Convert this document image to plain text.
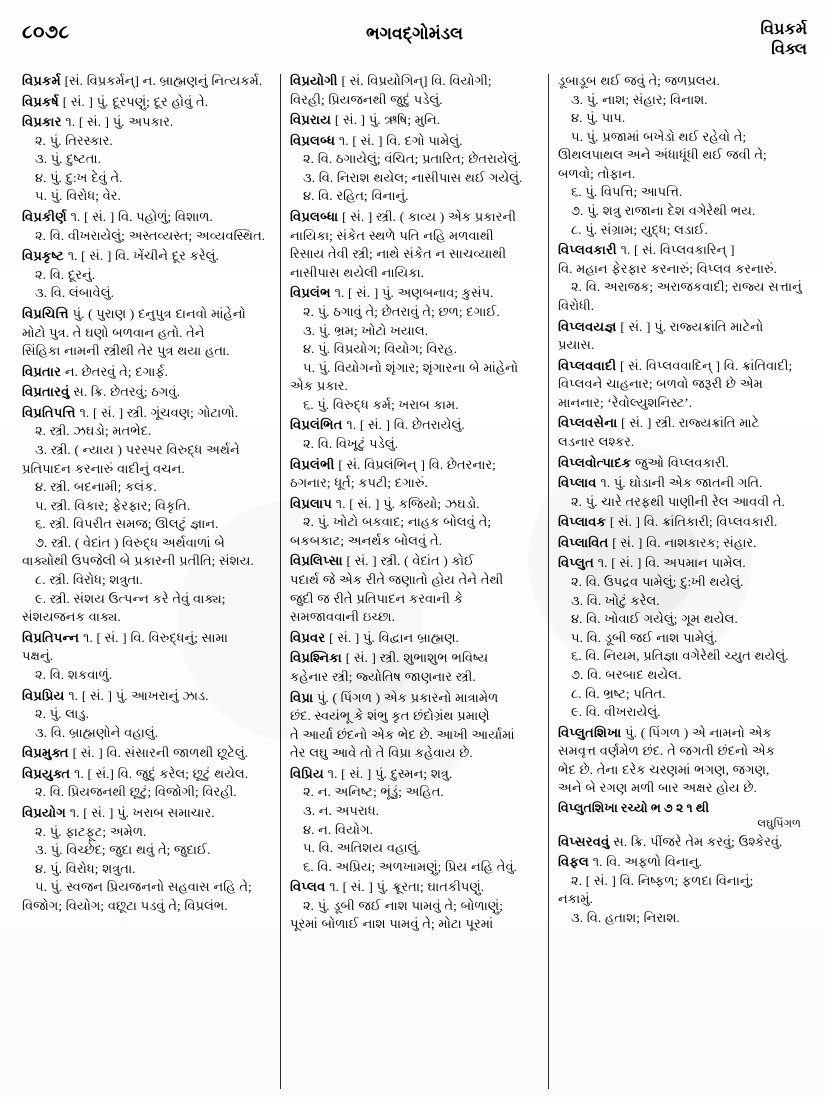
૮૦૭૮	ભગવદ્ગોમંડલ	વિપ્રકર્મ
વિક્લ

વિપ્રકર્મ [સં. વિપ્રકર્મન્] ન. બ્રાહ્મણનું નિત્યકર્મ.

વિપ્રકર્ષ [ સં. ] પું. દૂરપણું; દૂર હોવું તે.

વિપ્રકાર ૧. [ સં. ] પું. અપકાર.

૨. પું. તિરસ્કાર.

૩. પું. દુષ્ટતા.

૪. પું. દુ:ખ દેવું તે.

૫. પું. વિરોધ; વેર.

વિપ્રકીર્ણ ૧. [ સં. ] વિ. પહોળું; વિશાળ.

૨. વિ. વીખરાયેલું; અસ્તવ્યસ્ત; અવ્યવસ્થિત.

વિપ્રકૃષ્ટ ૧. [ સં. ] વિ. ખેંચીને દૂર કરેલું.

૨. વિ. દૂરનું.

૩. વિ. લંબાવેલું.

વિપ્રચિત્તિ પું. ( પુરાણ ) દનુપુત્ર દાનવો માંહેનો

મોટો પુત્ર. તે ઘણો બળવાન હતો. તેને

સિંહિકા નામની સ્ત્રીથી તેર પુત્ર થયા હતા.

વિપ્રતાર ન. છેતરવું તે; દગાર્ફ.

વિપ્રતારવું સ. ક્રિ. છેતરવું; ઠગવું.

વિપ્રતિપત્તિ ૧. [ સં. ] સ્ત્રી. ગૂંચવણ; ગોટાળો.

૨. સ્ત્રી. ઝઘડો; મતભેદ.

૩. સ્ત્રી. ( ન્યાય ) પરસ્પર વિરુદ્ધ અર્થને

પ્રતિપાદન કરનારું વાદીનું વચન.

૪. સ્ત્રી. બદનામી; કલંક.

૫. સ્ત્રી. વિકાર; ફેરફાર; વિકૃતિ.

૬. સ્ત્રી. વિપરીત સમજ; ઊલટું જ્ઞાન.

૭. સ્ત્રી. ( વેદાંત ) વિરુદ્ધ અર્થવાળાં બે

વાક્યોથી ઉપજેલી બે પ્રકારની પ્રતીતિ; સંશય.

૮. સ્ત્રી. વિરોધ; શત્રુતા.

૯. સ્ત્રી. સંશય ઉત્પન્ન કરે તેવું વાક્ય;

સંશયજનક વાક્ય.

વિપ્રતિપન્ન ૧. [ સં. ] વિ. વિરુદ્ધનું; સામા

પક્ષનું.

૨. વિ. શકવાળું.

વિપ્રપ્રિય ૧. [ સં. ] પું. આખરાનું ઝાડ.

૨. પું. લાડુ.

૩. વિ. બ્રાહ્મણોને વહાલું.

વિપ્રમુક્ત [ સં. ] વિ. સંસારની જાળથી છૂટેલું.

વિપ્રયુક્ત ૧. [ સં.] વિ. જુદું કરેલ; છૂટું થયેલ.

૨. વિ. પ્રિયજનથી છૂટું; વિજોગી; વિરહી.

વિપ્રયોગ ૧. [ સં. ] પું. ખરાબ સમાચાર.

૨. પું. ફાટફૂટ; અમેળ.

૩. પું. વિચ્છેદ; જુદા થવું તે; જુદાઈ.

૪. પું. વિરોધ; શત્રુતા.

૫. પું. સ્વજન પ્રિયજનનો સહવાસ નહિ તે;

વિજોગ; વિયોગ; વછૂટા પડવું તે; વિપ્રલંભ.

વિપ્રયોગી [ સં. વિપ્રયોગિન્] વિ. વિયોગી;

વિરહી; પ્રિયજનથી જુદું પડેલું.

વિપ્રરાય [ સં. ] પું. ઋષિ; મુનિ.

વિપ્રલબ્ધ ૧. [ સં. ] વિ. દગો પામેલું.

૨. વિ. ઠગાયેલું; વંચિત; પ્રતારિત; છેતરાયેલું.

૩. વિ. નિરાશ થયેલ; નાસીપાસ થઈ ગયેલું.

૪. વિ. રહિત; વિનાનું.

વિપ્રલબ્ધા [ સં. ] સ્ત્રી. ( કાવ્ય ) એક પ્રકારની

નાયિકા; સંકેત સ્થળે પતિ નહિ મળવાથી

રિસાય તેવી સ્ત્રી; નાથે સંકેત ન સાચવ્યાથી

નાસીપાસ થયેલી નાયિકા.

વિપ્રલંભ ૧. [ સં. ] પું. અણબનાવ; કુસંપ.

૨. પું. ઠગાવું તે; છેતરાવું તે; છળ; દગાઈ.

૩. પું. ભ્રમ; ખોટો ખયાલ.

૪. પું. વિપ્રયોગ; વિયોગ; વિરહ.

૫. પું. વિયોગનો શૃંગાર; શૃંગારના બે માંહેનો

એક પ્રકાર.

૬. પું. વિરુદ્ધ કર્મ; ખરાબ કામ.

વિપ્રલંભિત ૧. [ સં. ] વિ. છેતરાયેલું.

૨. વિ. વિખૂટું પડેલું.

વિપ્રલંભી [ સં. વિપ્રલંભિન્ ] વિ. છેતરનાર;

ઠગનાર; ધૂર્ત; કપટી; દગારું.

વિપ્રલાપ ૧. [ સં. ] પું. કજિયો; ઝઘડો.

૨. પું. ખોટો બકવાદ; નાહક બોલવું તે;

બકબકાટ; અનર્થક બોલવું તે.

વિપ્રલિપ્સા [ સં. ] સ્ત્રી. ( વેદાંત ) કોઈ

પદાર્થ જે એક રીતે જણાતો હોય તેને તેથી

જુદી જ રીતે પ્રતિપાદન કરવાની કે

સમજાવવાની ઇચ્છા.

વિપ્રવર [ સં. ] પું. વિદ્વાન બ્રાહ્મણ.

વિપ્રશ્નિકા [ સં. ] સ્ત્રી. શુભાશુભ ભવિષ્ય

કહેનાર સ્ત્રી; જ્યોતિષ જાણનાર સ્ત્રી.

વિપ્રા પું. ( પિંગળ ) એક પ્રકારનો માત્રામેળ

છંદ. સ્વયંભૂ કે શંભુ કૃત છંદોગ્રંથ પ્રમાણે

તે આર્યા છંદનો એક ભેદ છે. આખી આર્યામાં

તેર લઘુ આવે તો તે વિપ્રા કહેવાય છે.

વિપ્રિય ૧. [ સં. ] પું. દુસ્મન; શત્રુ.

૨. ન. અનિષ્ટ; ભૂંડું; અહિત.

૩. ન. અપરાધ.

૪. ન. વિયોગ.

૫. વિ. અતિશય વહાલું.

૬. વિ. અપ્રિય; અળખામણું; પ્રિય નહિ તેવું.

વિપ્લવ ૧. [ સં. ] પું. ક્રૂરતા; ઘાતકીપણું.

૨. પું. ડૂબી જઈ નાશ પામવું તે; બોળાણું;

પૂરમાં બોળાઈ નાશ પામવું તે; મોટા પૂરમાં

ડૂબાડૂબ થઈ જવું તે; જળપ્રલય.

૩. પું. નાશ; સંહાર; વિનાશ.

૪. પું. પાપ.

૫. પું. પ્રજામાં બખેડો થઈ રહેવો તે;

ઊથલપાથલ અને અંધાધૂંધી થઈ જવી તે;

બળવો; તોફાન.

૬. પું. વિપત્તિ; આપત્તિ.

૭. પું. શત્રુ રાજાના દેશ વગેરેથી ભય.

૮. પું. સંગ્રામ; યુદ્ધ; લડાઈ.

વિપ્લવકારી ૧. [ સં. વિપ્લવકારિન્ ]

વિ. મહાન ફેરફાર કરનારું; વિપ્લવ કરનારું.

૨. વિ. અરાજક; અરાજકવાદી; રાજ્ય સત્તાનું

વિરોધી.

વિપ્લવયજ્ઞ [ સં. ] પું. રાજ્યક્રાંતિ માટેનો

પ્રયાસ.

વિપ્લવવાદી [ સં. વિપ્લવવાદિન્ ] વિ. ક્રાંતિવાદી;

વિપ્લવને ચાહનાર; બળવો જરૂરી છે એમ

માનનાર; ‘રેવોલ્યુશનિસ્ટ’.

વિપ્લવસેના [ સં. ] સ્ત્રી. રાજ્યક્રાંતિ માટે

લડનાર લશ્કર.

વિપ્લવોત્પાદક જુઓ વિપ્લવકારી.

વિપ્લાવ ૧. પું. ઘોડાની એક જાતની ગતિ.

૨. પું. ચારે તરફથી પાણીની રેલ આવવી તે.

વિપ્લાવક [ સં. ] વિ. ક્રાંતિકારી; વિપ્લવકારી.

વિપ્લાવિત [ સં. ] વિ. નાશકારક; સંહાર.

વિપ્લુત ૧. [ સં. ] વિ. અપમાન પામેલ.

૨. વિ. ઉપદ્રવ પામેલું; દુ:ખી થયેલું.

૩. વિ. ખોટું કરેલ.

૪. વિ. ખોવાઈ ગયેલું; ગૂમ થયેલ.

૫. વિ. ડૂબી જઈ નાશ પામેલું.

૬. વિ. નિયમ, પ્રતિજ્ઞા વગેરેથી ચ્યુત થયેલું.

૭. વિ. બરબાદ થયેલ.

૮. વિ. ભ્રષ્ટ; પતિત.

૯. વિ. વીખરાયેલું.

વિપ્લુતશિખા પું. ( પિંગળ ) એ નામનો એક

સમવૃત્ત વર્ણમેળ છંદ. તે જગતી છંદનો એક

ભેદ છે. તેના દરેક ચરણમાં ભગણ, જગણ,

અને બે રગણ મળી બાર અક્ષર હોય છે.

વિપ્લુતશિખા રચ્યો ભ ૭ ૨ ૧ થી

લઘુપિંગળ

વિપ્સરવવું સ. ક્રિ. પીંજરે તેમ કરવું; ઉશ્કેરવું.

વિફલ ૧. વિ. અફળો વિનાનુ.

૨. [ સં. ] વિ. નિષ્ફળ; ફળદા વિનાનું;

નકામું.

૩. વિ. હતાશ; નિરાશ.
